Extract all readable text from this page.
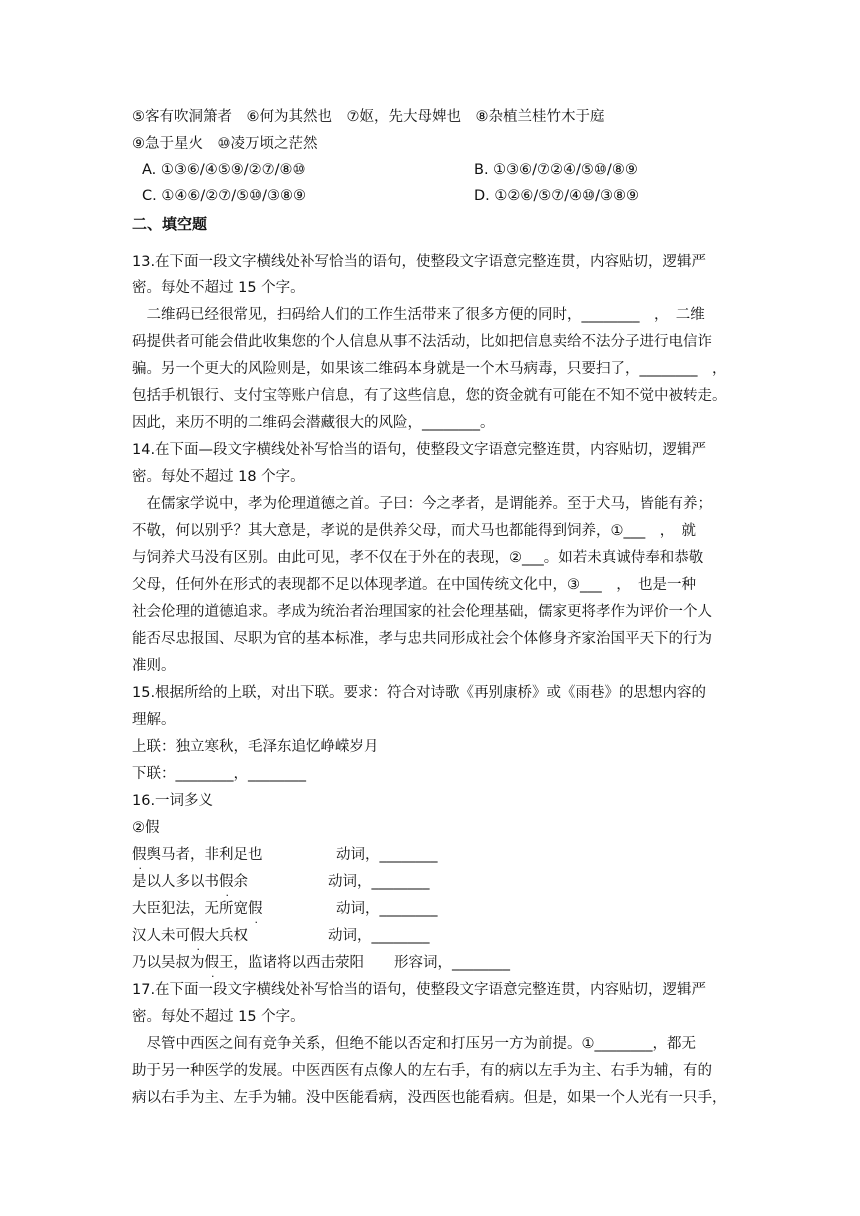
⑤客有吹洞箫者　⑥何为其然也　⑦妪，先大母婢也　⑧杂植兰桂竹木于庭
⑨急于星火　⑩凌万顷之茫然
A. ①③⑥/④⑤⑨/②⑦/⑧⑩	B. ①③⑥/⑦②④/⑤⑩/⑧⑨
C. ①④⑥/②⑦/⑤⑩/③⑧⑨	D. ①②⑥/⑤⑦/④⑩/③⑧⑨
二、填空题
13.在下面一段文字横线处补写恰当的语句，使整段文字语意完整连贯，内容贴切，逻辑严
密。每处不超过 15 个字。
　二维码已经很常见，扫码给人们的工作生活带来了很多方便的同时，________　，　二维
码提供者可能会借此收集您的个人信息从事不法活动，比如把信息卖给不法分子进行电信诈
骗。另一个更大的风险则是，如果该二维码本身就是一个木马病毒，只要扫了，________　，
包括手机银行、支付宝等账户信息，有了这些信息，您的资金就有可能在不知不觉中被转走。
因此，来历不明的二维码会潜藏很大的风险，________。
14.在下面—段文字横线处补写恰当的语句，使整段文字语意完整连贯，内容贴切，逻辑严
密。每处不超过 18 个字。
　在儒家学说中，孝为伦理道德之首。子曰：今之孝者，是谓能养。至于犬马，皆能有养；
不敬，何以别乎？其大意是，孝说的是供养父母，而犬马也都能得到饲养，①___　，　就
与饲养犬马没有区别。由此可见，孝不仅在于外在的表现，②___。如若未真诚侍奉和恭敬
父母，任何外在形式的表现都不足以体现孝道。在中国传统文化中，③___　，　也是一种
社会伦理的道德追求。孝成为统治者治理国家的社会伦理基础，儒家更将孝作为评价一个人
能否尽忠报国、尽职为官的基本标准，孝与忠共同形成社会个体修身齐家治国平天下的行为
准则。
15.根据所给的上联，对出下联。要求：符合对诗歌《再别康桥》或《雨巷》的思想内容的
理解。
上联：独立寒秋，毛泽东追忆峥嵘岁月
下联：________，________
16.一词多义
②假
假舆马者，非利足也	动词，________
是以人多以书假余	动词，________
大臣犯法，无所宽假	动词，________
汉人未可假大兵权	动词，________
乃以吴叔为假王，监诸将以西击荥阳 形容词，________
17.在下面一段文字横线处补写恰当的语句，使整段文字语意完整连贯，内容贴切，逻辑严
密。每处不超过 15 个字。
　尽管中西医之间有竞争关系，但绝不能以否定和打压另一方为前提。①________，都无
助于另一种医学的发展。中医西医有点像人的左右手，有的病以左手为主、右手为辅，有的
病以右手为主、左手为辅。没中医能看病，没西医也能看病。但是，如果一个人光有一只手，
